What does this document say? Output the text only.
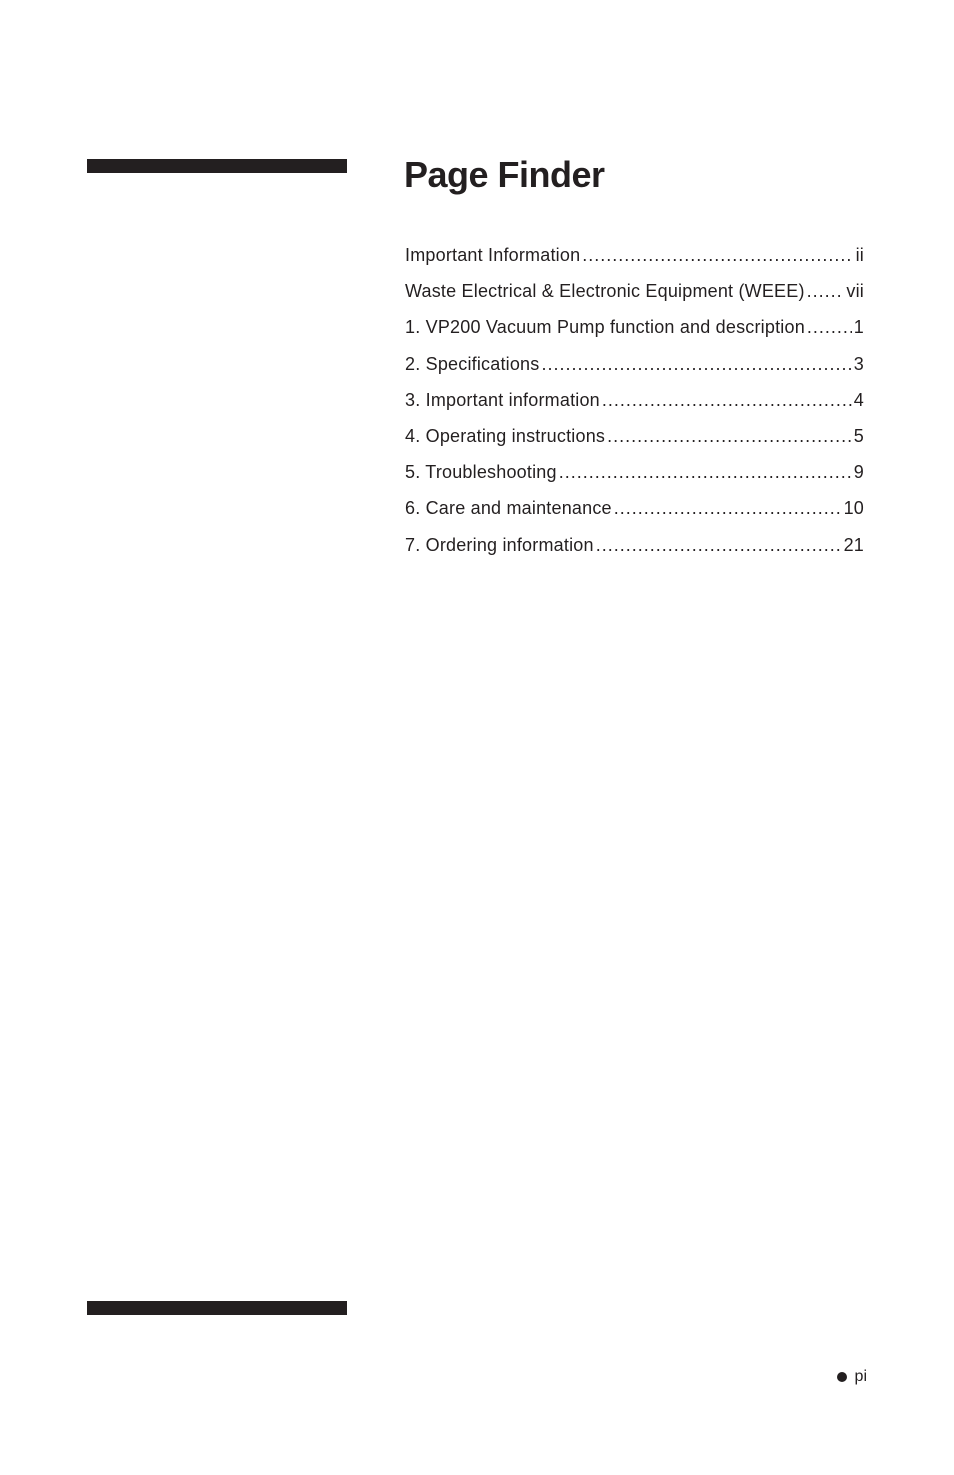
Page Finder
Important Information .....	ii
Waste Electrical & Electronic Equipment (WEEE) ..... vii
1. VP200 Vacuum Pump function and description .....	1
2. Specifications .....	3
3. Important information .....	4
4. Operating instructions .....	5
5. Troubleshooting .....	9
6. Care and maintenance .....	10
7. Ordering information .....	21
pi
